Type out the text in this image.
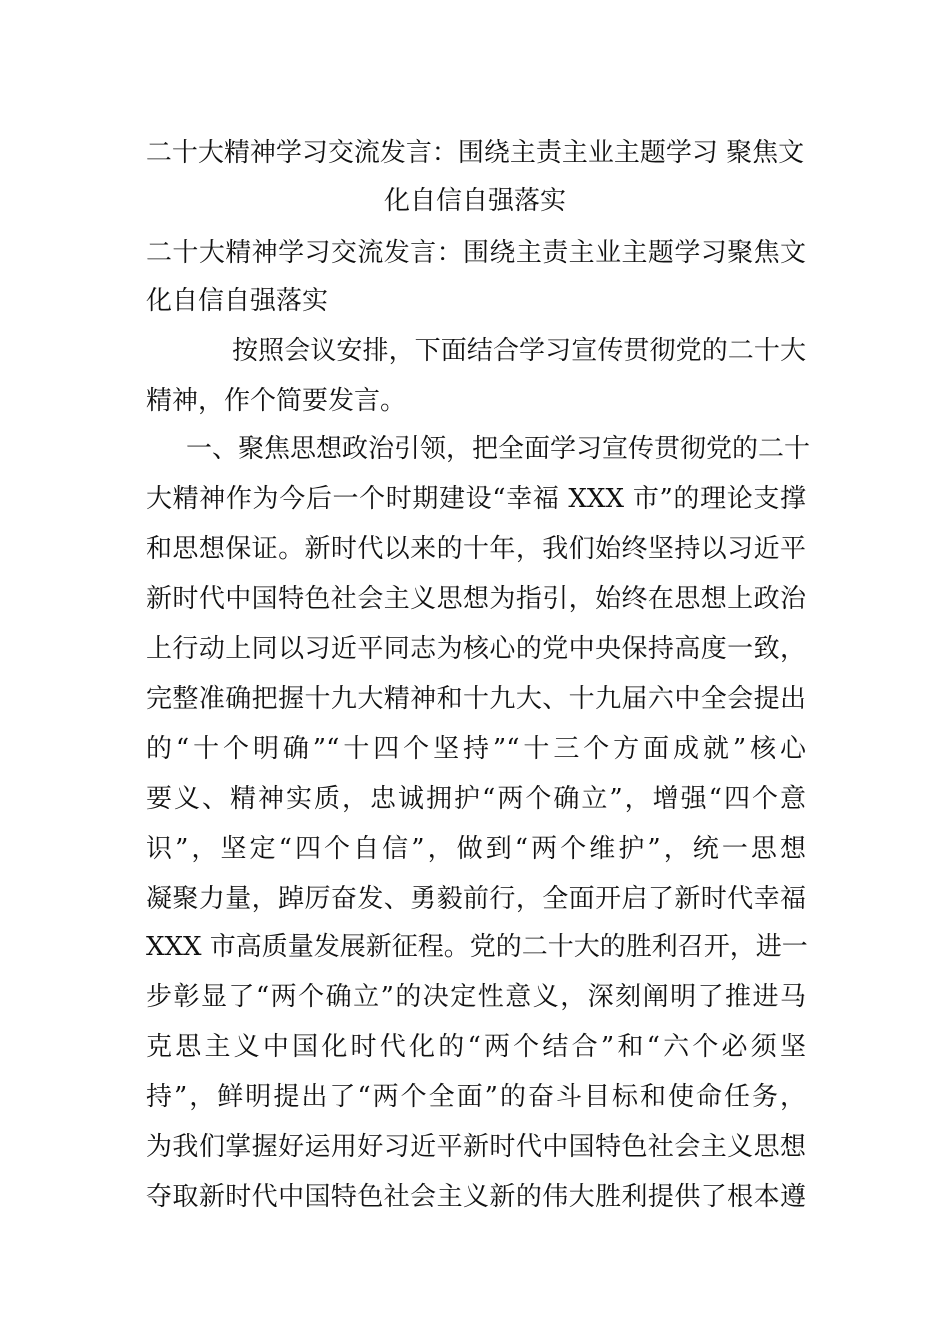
二十大精神学习交流发言：围绕主责主业主题学习 聚焦文
化自信自强落实
二十大精神学习交流发言：围绕主责主业主题学习聚焦文
化自信自强落实
按照会议安排，下面结合学习宣传贯彻党的二十大
精神，作个简要发言。
一、聚焦思想政治引领，把全面学习宣传贯彻党的二十
大精神作为今后一个时期建设“幸福 XXX 市”的理论支撑
和思想保证。新时代以来的十年，我们始终坚持以习近平
新时代中国特色社会主义思想为指引，始终在思想上政治
上行动上同以习近平同志为核心的党中央保持高度一致，
完整准确把握十九大精神和十九大、十九届六中全会提出
的“十个明确”“十四个坚持”“十三个方面成就”核心
要义、精神实质，忠诚拥护“两个确立”，增强“四个意
识”，坚定“四个自信”，做到“两个维护”，统一思想
凝聚力量，踔厉奋发、勇毅前行，全面开启了新时代幸福
XXX 市高质量发展新征程。党的二十大的胜利召开，进一
步彰显了“两个确立”的决定性意义，深刻阐明了推进马
克思主义中国化时代化的“两个结合”和“六个必须坚
持”，鲜明提出了“两个全面”的奋斗目标和使命任务，
为我们掌握好运用好习近平新时代中国特色社会主义思想
夺取新时代中国特色社会主义新的伟大胜利提供了根本遵
